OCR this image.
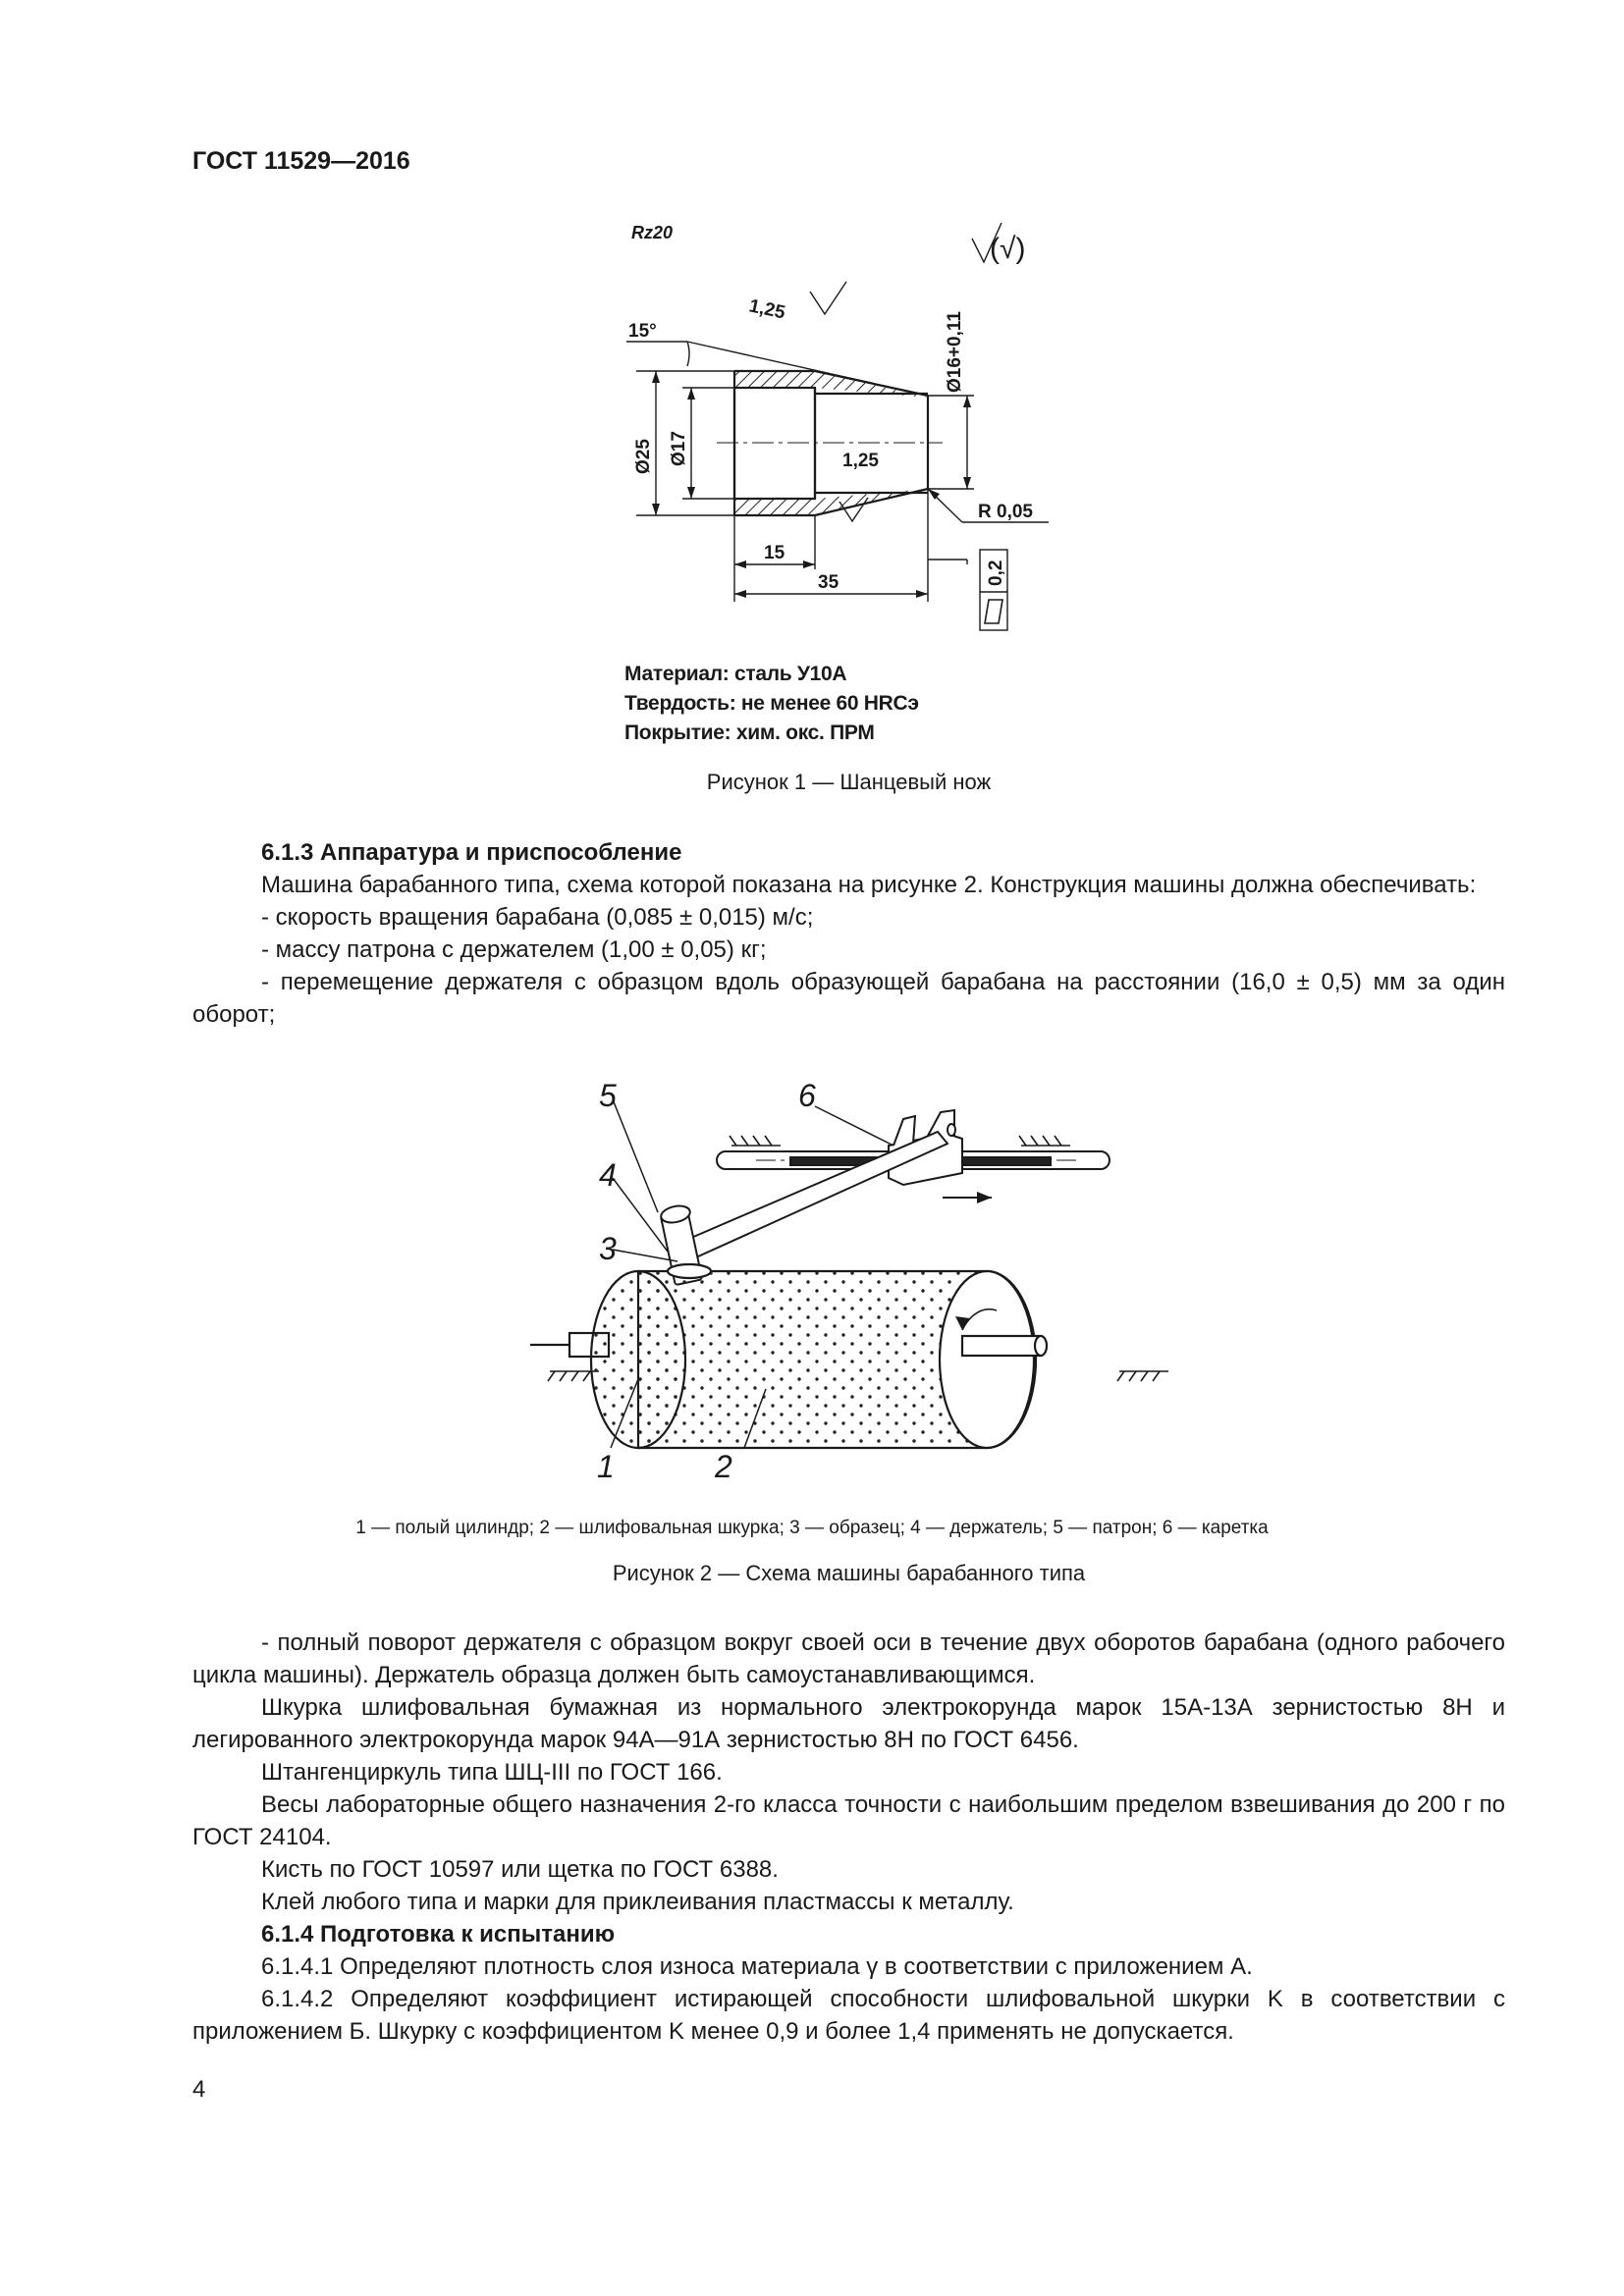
ГОСТ 11529—2016
Rz20	(√)
15°
1,25
1,25
Ø16+0,11
Ø25 Ø17
R 0,05
15
35	0,2
Материал: сталь У10А
Твердость: не менее 60 HRCэ
Покрытие: хим. окс. ПРМ
Рисунок 1 — Шанцевый нож
6.1.3 Аппаратура и приспособление

Машина барабанного типа, схема которой показана на рисунке 2. Конструкция машины должна обеспечивать:

- скорость вращения барабана (0,085 ± 0,015) м/с;

- массу патрона с держателем (1,00 ± 0,05) кг;

- перемещение держателя с образцом вдоль образующей барабана на расстоянии (16,0 ± 0,5) мм за один оборот;

5	6
4
3
1	2
1 — полый цилиндр; 2 — шлифовальная шкурка; 3 — образец; 4 — держатель; 5 — патрон; 6 — каретка
Рисунок 2 — Схема машины барабанного типа

- полный поворот держателя с образцом вокруг своей оси в течение двух оборотов барабана (одного рабочего цикла машины). Держатель образца должен быть самоустанавливающимся.

Шкурка шлифовальная бумажная из нормального электрокорунда марок 15А-13А зернистостью 8Н и легированного электрокорунда марок 94А—91А зернистостью 8Н по ГОСТ 6456.

Штангенциркуль типа ШЦ-III по ГОСТ 166.

Весы лабораторные общего назначения 2-го класса точности с наибольшим пределом взвешивания до 200 г по ГОСТ 24104.

Кисть по ГОСТ 10597 или щетка по ГОСТ 6388.

Клей любого типа и марки для приклеивания пластмассы к металлу.

6.1.4 Подготовка к испытанию

6.1.4.1 Определяют плотность слоя износа материала γ в соответствии с приложением А.

6.1.4.2 Определяют коэффициент истирающей способности шлифовальной шкурки K в соответствии с приложением Б. Шкурку с коэффициентом K менее 0,9 и более 1,4 применять не допускается.

4
